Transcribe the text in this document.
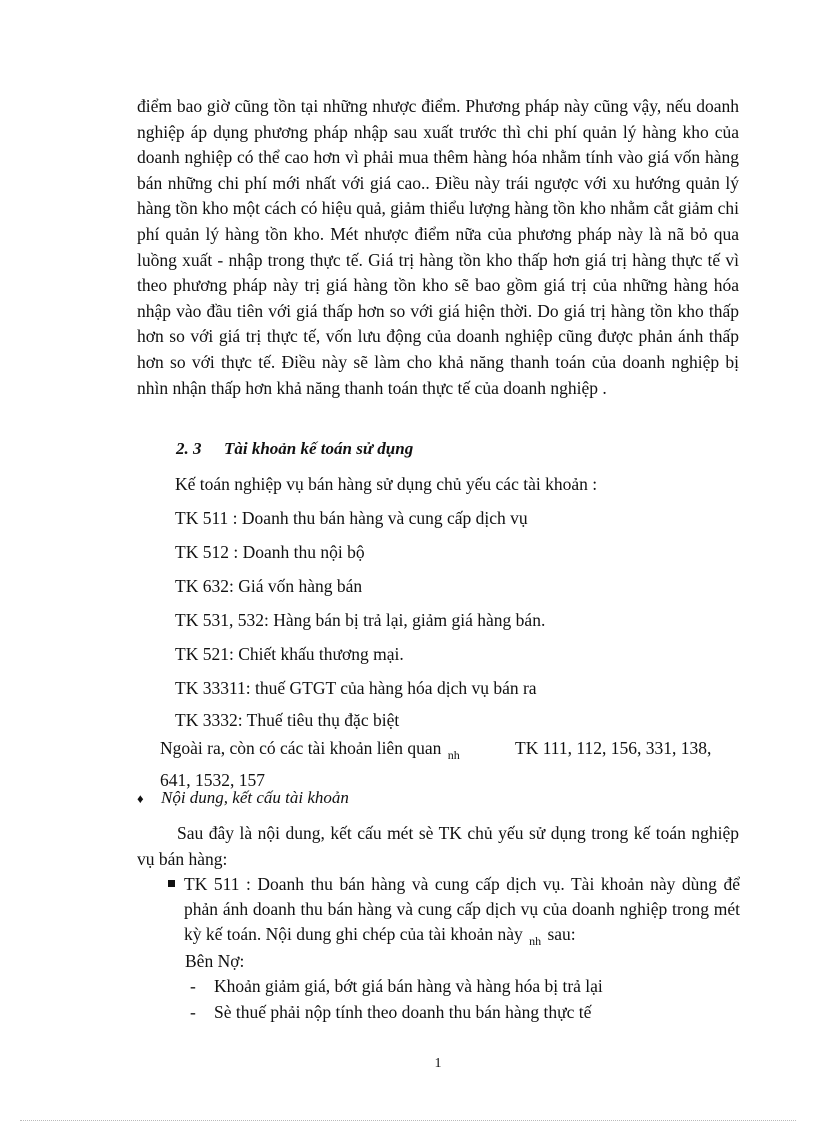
điểm bao giờ cũng tồn tại những nhược điểm. Phương pháp này cũng vậy, nếu doanh nghiệp áp dụng phương pháp nhập sau xuất trước thì chi phí quản lý hàng kho của doanh nghiệp có thể cao hơn vì phải mua thêm hàng hóa nhằm tính vào giá vốn hàng bán những chi phí mới nhất với giá cao.. Điều này trái ngược với xu hướng quản lý hàng tồn kho một cách có hiệu quả, giảm thiểu lượng hàng tồn kho nhằm cắt giảm chi phí quản lý hàng tồn kho. Mét nhược điểm nữa của phương pháp này là nã bỏ qua luồng xuất - nhập trong thực tế. Giá trị hàng tồn kho thấp hơn giá trị hàng thực tế vì theo phương pháp này trị giá hàng tồn kho sẽ bao gồm giá trị của những hàng hóa nhập vào đầu tiên với giá thấp hơn so với giá hiện thời. Do giá trị hàng tồn kho thấp hơn so với giá trị thực tế, vốn lưu động của doanh nghiệp cũng được phản ánh thấp hơn so với thực tế. Điều này sẽ làm cho khả năng thanh toán của doanh nghiệp bị nhìn nhận thấp hơn khả năng thanh toán thực tế của doanh nghiệp .
2. 3 Tài khoản kế toán sử dụng
Kế toán nghiệp vụ bán hàng sử dụng chủ yếu các tài khoản :
TK 511 : Doanh thu bán hàng và cung cấp dịch vụ
TK 512 : Doanh thu nội bộ
TK 632: Giá vốn hàng bán
TK 531, 532: Hàng bán bị trả lại, giảm giá hàng bán.
TK 521: Chiết khấu thương mại.
TK 33311: thuế GTGT của hàng hóa dịch vụ bán ra
TK 3332: Thuế tiêu thụ đặc biệt
Ngoài ra, còn có các tài khoản liên quan $_{nh}$	TK 111, 112, 156, 331, 138,
641, 1532, 157
♦ Nội dung, kết cấu tài khoản
Sau đây là nội dung, kết cấu mét sè TK chủ yếu sử dụng trong kế toán nghiệp vụ bán hàng:
TK 511 : Doanh thu bán hàng và cung cấp dịch vụ. Tài khoản này dùng để phản ánh doanh thu bán hàng và cung cấp dịch vụ của doanh nghiệp trong mét kỳ kế toán. Nội dung ghi chép của tài khoản này $_{nh}$ sau:
Bên Nợ:
- Khoản giảm giá, bớt giá bán hàng và hàng hóa bị trả lại
- Sè thuế phải nộp tính theo doanh thu bán hàng thực tế
1
